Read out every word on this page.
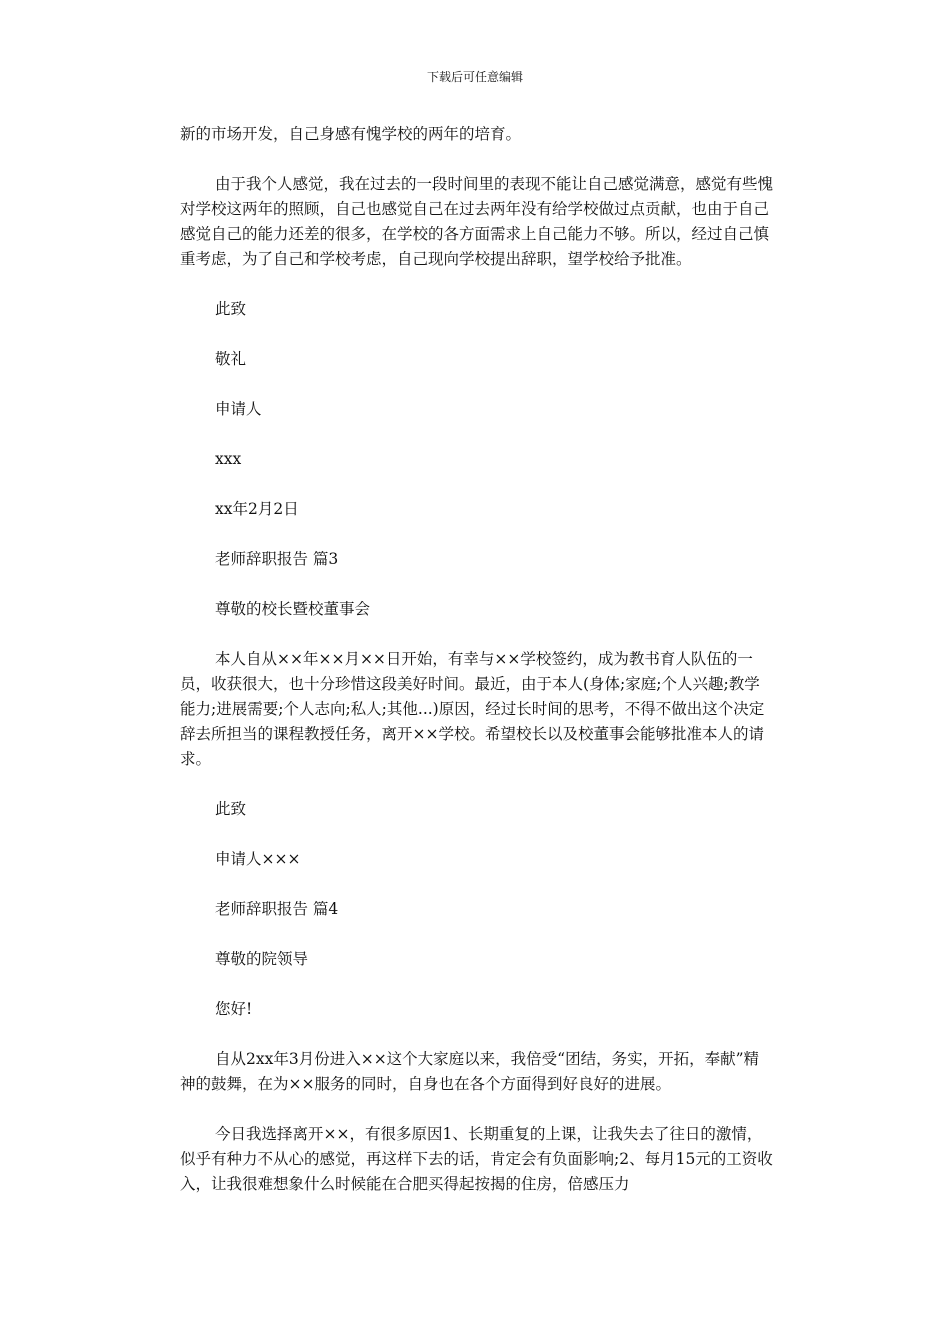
下载后可任意编辑

新的市场开发，自己身感有愧学校的两年的培育。

由于我个人感觉，我在过去的一段时间里的表现不能让自己感觉满意，感觉有些愧对学校这两年的照顾，自己也感觉自己在过去两年没有给学校做过点贡献，也由于自己感觉自己的能力还差的很多，在学校的各方面需求上自己能力不够。所以，经过自己慎重考虑，为了自己和学校考虑，自己现向学校提出辞职，望学校给予批准。

此致

敬礼

申请人

xxx

xx年2月2日

老师辞职报告 篇3

尊敬的校长暨校董事会

本人自从××年××月××日开始，有幸与××学校签约，成为教书育人队伍的一员，收获很大，也十分珍惜这段美好时间。最近，由于本人(身体;家庭;个人兴趣;教学能力;进展需要;个人志向;私人;其他...)原因，经过长时间的思考，不得不做出这个决定辞去所担当的课程教授任务，离开××学校。希望校长以及校董事会能够批准本人的请求。

此致

申请人×××

老师辞职报告 篇4

尊敬的院领导

您好!

自从2xx年3月份进入××这个大家庭以来，我倍受“团结，务实，开拓，奉献”精神的鼓舞，在为××服务的同时，自身也在各个方面得到好良好的进展。

今日我选择离开××，有很多原因1、长期重复的上课，让我失去了往日的激情，似乎有种力不从心的感觉，再这样下去的话，肯定会有负面影响;2、每月15元的工资收入，让我很难想象什么时候能在合肥买得起按揭的住房，倍感压力
